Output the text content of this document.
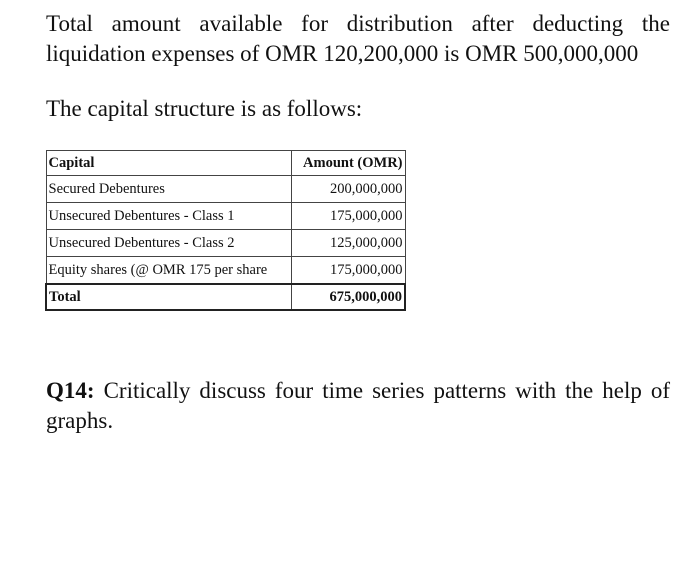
Total amount available for distribution after deducting the liquidation expenses of OMR 120,200,000 is OMR 500,000,000

The capital structure is as follows:

Capital	Amount (OMR)
Secured Debentures	200,000,000
Unsecured Debentures - Class 1	175,000,000
Unsecured Debentures - Class 2	125,000,000
Equity shares (@ OMR 175 per share	175,000,000
Total	675,000,000

Q14: Critically discuss four time series patterns with the help of graphs.
